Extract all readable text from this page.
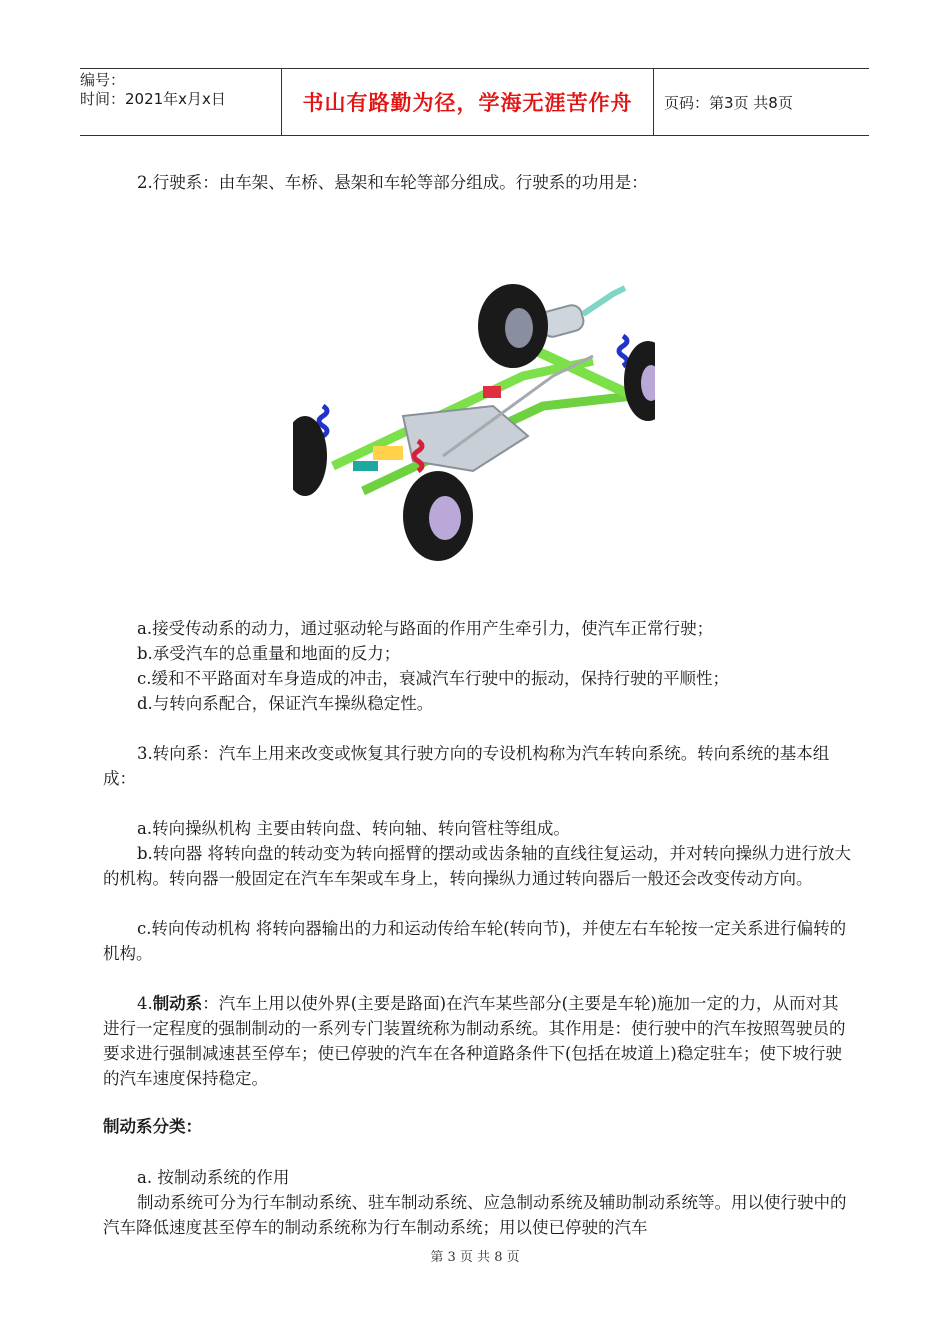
编号：
时间：2021年x月x日	书山有路勤为径，学海无涯苦作舟	页码：第3页 共8页

2.行驶系：由车架、车桥、悬架和车轮等部分组成。行驶系的功用是：

a.接受传动系的动力，通过驱动轮与路面的作用产生牵引力，使汽车正常行驶；

b.承受汽车的总重量和地面的反力；

c.缓和不平路面对车身造成的冲击，衰减汽车行驶中的振动，保持行驶的平顺性；

d.与转向系配合，保证汽车操纵稳定性。

3.转向系：汽车上用来改变或恢复其行驶方向的专设机构称为汽车转向系统。转向系统的基本组成：

a.转向操纵机构 主要由转向盘、转向轴、转向管柱等组成。

b.转向器 将转向盘的转动变为转向摇臂的摆动或齿条轴的直线往复运动，并对转向操纵力进行放大的机构。转向器一般固定在汽车车架或车身上，转向操纵力通过转向器后一般还会改变传动方向。

c.转向传动机构 将转向器输出的力和运动传给车轮(转向节)，并使左右车轮按一定关系进行偏转的机构。

4.制动系：汽车上用以使外界(主要是路面)在汽车某些部分(主要是车轮)施加一定的力，从而对其进行一定程度的强制制动的一系列专门装置统称为制动系统。其作用是：使行驶中的汽车按照驾驶员的要求进行强制减速甚至停车；使已停驶的汽车在各种道路条件下(包括在坡道上)稳定驻车；使下坡行驶的汽车速度保持稳定。

制动系分类：

a. 按制动系统的作用

制动系统可分为行车制动系统、驻车制动系统、应急制动系统及辅助制动系统等。用以使行驶中的汽车降低速度甚至停车的制动系统称为行车制动系统；用以使已停驶的汽车

第 3 页 共 8 页
